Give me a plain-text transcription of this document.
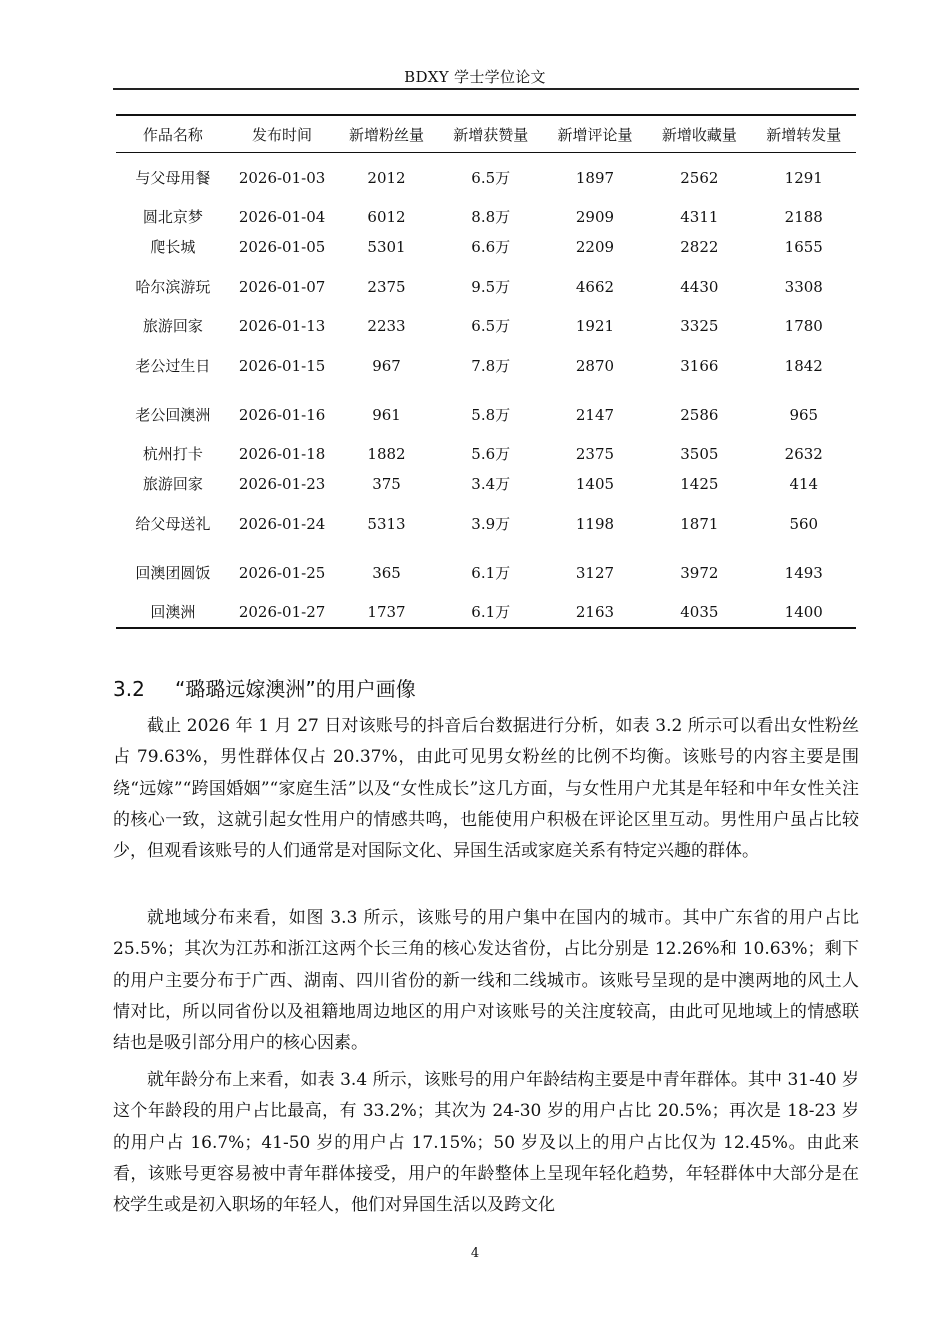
BDXY 学士学位论文
作品名称	发布时间	新增粉丝量	新增获赞量	新增评论量	新增收藏量	新增转发量
与父母用餐	2026-01-03	2012	6.5万	1897	2562	1291
圆北京梦	2026-01-04	6012	8.8万	2909	4311	2188
爬长城	2026-01-05	5301	6.6万	2209	2822	1655
哈尔滨游玩	2026-01-07	2375	9.5万	4662	4430	3308
旅游回家	2026-01-13	2233	6.5万	1921	3325	1780
老公过生日	2026-01-15	967	7.8万	2870	3166	1842
老公回澳洲	2026-01-16	961	5.8万	2147	2586	965
杭州打卡	2026-01-18	1882	5.6万	2375	3505	2632
旅游回家	2026-01-23	375	3.4万	1405	1425	414
给父母送礼	2026-01-24	5313	3.9万	1198	1871	560
回澳团圆饭	2026-01-25	365	6.1万	3127	3972	1493
回澳洲	2026-01-27	1737	6.1万	2163	4035	1400
3.2 “璐璐远嫁澳洲”的用户画像

截止 2026 年 1 月 27 日对该账号的抖音后台数据进行分析，如表 3.2 所示可以看出女性粉丝占 79.63%，男性群体仅占 20.37%，由此可见男女粉丝的比例不均衡。该账号的内容主要是围绕“远嫁”“跨国婚姻”“家庭生活”以及“女性成长”这几方面，与女性用户尤其是年轻和中年女性关注的核心一致，这就引起女性用户的情感共鸣，也能使用户积极在评论区里互动。男性用户虽占比较少，但观看该账号的人们通常是对国际文化、异国生活或家庭关系有特定兴趣的群体。

就地域分布来看，如图 3.3 所示，该账号的用户集中在国内的城市。其中广东省的用户占比 25.5%；其次为江苏和浙江这两个长三角的核心发达省份，占比分别是 12.26%和 10.63%；剩下的用户主要分布于广西、湖南、四川省份的新一线和二线城市。该账号呈现的是中澳两地的风土人情对比，所以同省份以及祖籍地周边地区的用户对该账号的关注度较高，由此可见地域上的情感联结也是吸引部分用户的核心因素。

就年龄分布上来看，如表 3.4 所示，该账号的用户年龄结构主要是中青年群体。其中 31-40 岁这个年龄段的用户占比最高，有 33.2%；其次为 24-30 岁的用户占比 20.5%；再次是 18-23 岁的用户占 16.7%；41-50 岁的用户占 17.15%；50 岁及以上的用户占比仅为 12.45%。由此来看，该账号更容易被中青年群体接受，用户的年龄整体上呈现年轻化趋势，年轻群体中大部分是在校学生或是初入职场的年轻人，他们对异国生活以及跨文化

4
